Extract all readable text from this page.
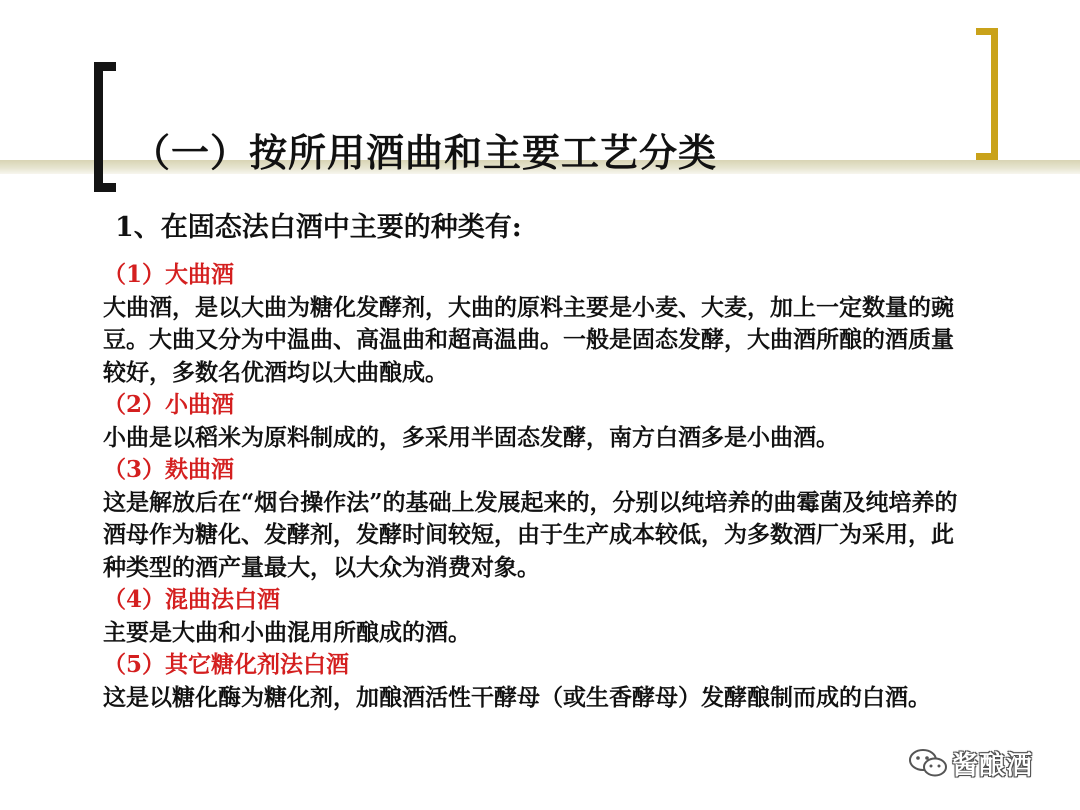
（一）按所用酒曲和主要工艺分类
1、在固态法白酒中主要的种类有:

（1）大曲酒

大曲酒，是以大曲为糖化发酵剂，大曲的原料主要是小麦、大麦，加上一定数量的豌豆。大曲又分为中温曲、高温曲和超高温曲。一般是固态发酵，大曲酒所酿的酒质量较好，多数名优酒均以大曲酿成。

（2）小曲酒

小曲是以稻米为原料制成的，多采用半固态发酵，南方白酒多是小曲酒。

（3）麸曲酒

这是解放后在“烟台操作法”的基础上发展起来的，分别以纯培养的曲霉菌及纯培养的酒母作为糖化、发酵剂，发酵时间较短，由于生产成本较低，为多数酒厂为采用，此种类型的酒产量最大，以大众为消费对象。

（4）混曲法白酒

主要是大曲和小曲混用所酿成的酒。

（5）其它糖化剂法白酒

这是以糖化酶为糖化剂，加酿酒活性干酵母（或生香酵母）发酵酿制而成的白酒。

酱酿酒
